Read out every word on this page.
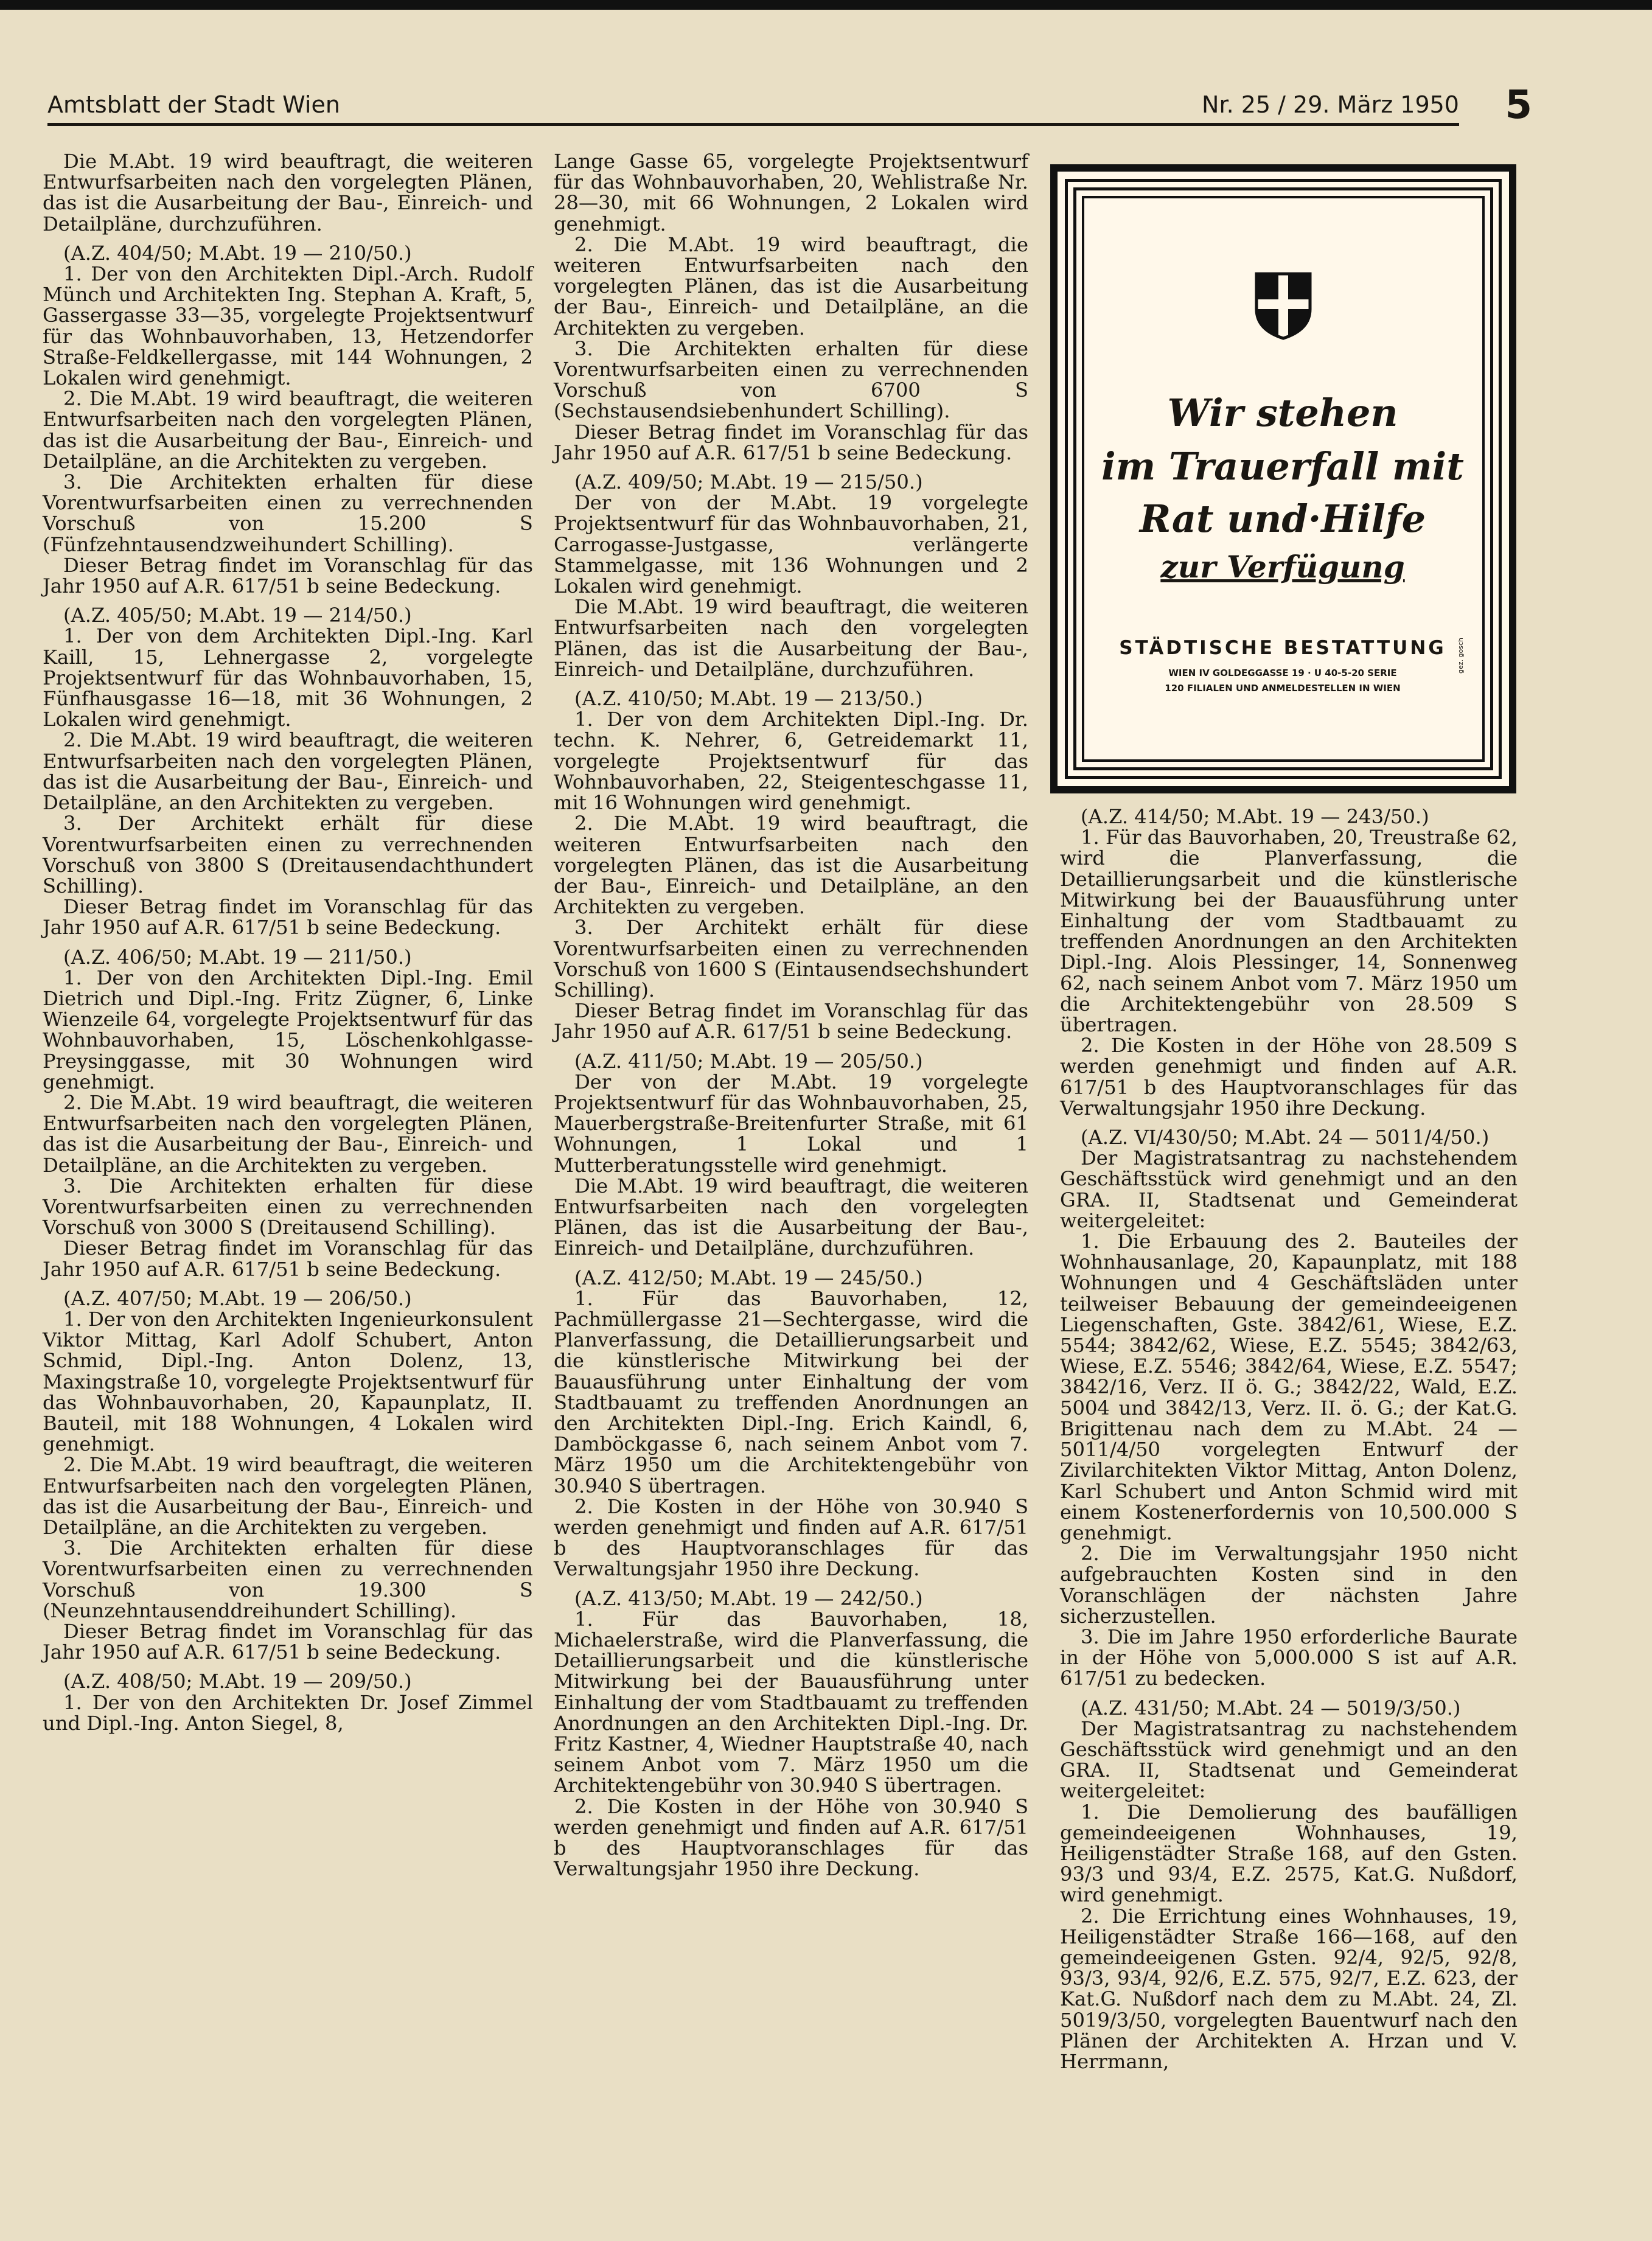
Amtsblatt der Stadt Wien	Nr. 25 / 29. März 1950 5

Die M.Abt. 19 wird beauftragt, die weiteren Entwurfsarbeiten nach den vorgelegten Plänen, das ist die Ausarbeitung der Bau-, Einreich- und Detailpläne, durchzuführen.

(A.Z. 404/50; M.Abt. 19 — 210/50.)

1. Der von den Architekten Dipl.-Arch. Rudolf Münch und Architekten Ing. Stephan A. Kraft, 5, Gassergasse 33—35, vorgelegte Projektsentwurf für das Wohnbauvorhaben, 13, Hetzendorfer Straße-Feldkellergasse, mit 144 Wohnungen, 2 Lokalen wird genehmigt.

2. Die M.Abt. 19 wird beauftragt, die weiteren Entwurfsarbeiten nach den vorgelegten Plänen, das ist die Ausarbeitung der Bau-, Einreich- und Detailpläne, an die Architekten zu vergeben.

3. Die Architekten erhalten für diese Vorentwurfsarbeiten einen zu verrechnenden Vorschuß von 15.200 S (Fünfzehntausendzweihundert Schilling).

Dieser Betrag findet im Voranschlag für das Jahr 1950 auf A.R. 617/51 b seine Bedeckung.

(A.Z. 405/50; M.Abt. 19 — 214/50.)

1. Der von dem Architekten Dipl.-Ing. Karl Kaill, 15, Lehnergasse 2, vorgelegte Projektsentwurf für das Wohnbauvorhaben, 15, Fünfhausgasse 16—18, mit 36 Wohnungen, 2 Lokalen wird genehmigt.

2. Die M.Abt. 19 wird beauftragt, die weiteren Entwurfsarbeiten nach den vorgelegten Plänen, das ist die Ausarbeitung der Bau-, Einreich- und Detailpläne, an den Architekten zu vergeben.

3. Der Architekt erhält für diese Vorentwurfsarbeiten einen zu verrechnenden Vorschuß von 3800 S (Dreitausendachthundert Schilling).

Dieser Betrag findet im Voranschlag für das Jahr 1950 auf A.R. 617/51 b seine Bedeckung.

(A.Z. 406/50; M.Abt. 19 — 211/50.)

1. Der von den Architekten Dipl.-Ing. Emil Dietrich und Dipl.-Ing. Fritz Zügner, 6, Linke Wienzeile 64, vorgelegte Projektsentwurf für das Wohnbauvorhaben, 15, Löschenkohlgasse-Preysinggasse, mit 30 Wohnungen wird genehmigt.

2. Die M.Abt. 19 wird beauftragt, die weiteren Entwurfsarbeiten nach den vorgelegten Plänen, das ist die Ausarbeitung der Bau-, Einreich- und Detailpläne, an die Architekten zu vergeben.

3. Die Architekten erhalten für diese Vorentwurfsarbeiten einen zu verrechnenden Vorschuß von 3000 S (Dreitausend Schilling).

Dieser Betrag findet im Voranschlag für das Jahr 1950 auf A.R. 617/51 b seine Bedeckung.

(A.Z. 407/50; M.Abt. 19 — 206/50.)

1. Der von den Architekten Ingenieurkonsulent Viktor Mittag, Karl Adolf Schubert, Anton Schmid, Dipl.-Ing. Anton Dolenz, 13, Maxingstraße 10, vorgelegte Projektsentwurf für das Wohnbauvorhaben, 20, Kapaunplatz, II. Bauteil, mit 188 Wohnungen, 4 Lokalen wird genehmigt.

2. Die M.Abt. 19 wird beauftragt, die weiteren Entwurfsarbeiten nach den vorgelegten Plänen, das ist die Ausarbeitung der Bau-, Einreich- und Detailpläne, an die Architekten zu vergeben.

3. Die Architekten erhalten für diese Vorentwurfsarbeiten einen zu verrechnenden Vorschuß von 19.300 S (Neunzehntausenddreihundert Schilling).

Dieser Betrag findet im Voranschlag für das Jahr 1950 auf A.R. 617/51 b seine Bedeckung.

(A.Z. 408/50; M.Abt. 19 — 209/50.)

1. Der von den Architekten Dr. Josef Zimmel und Dipl.-Ing. Anton Siegel, 8,

Lange Gasse 65, vorgelegte Projektsentwurf für das Wohnbauvorhaben, 20, Wehlistraße Nr. 28—30, mit 66 Wohnungen, 2 Lokalen wird genehmigt.

2. Die M.Abt. 19 wird beauftragt, die weiteren Entwurfsarbeiten nach den vorgelegten Plänen, das ist die Ausarbeitung der Bau-, Einreich- und Detailpläne, an die Architekten zu vergeben.

3. Die Architekten erhalten für diese Vorentwurfsarbeiten einen zu verrechnenden Vorschuß von 6700 S (Sechstausendsiebenhundert Schilling).

Dieser Betrag findet im Voranschlag für das Jahr 1950 auf A.R. 617/51 b seine Bedeckung.

(A.Z. 409/50; M.Abt. 19 — 215/50.)

Der von der M.Abt. 19 vorgelegte Projektsentwurf für das Wohnbauvorhaben, 21, Carrogasse-Justgasse, verlängerte Stammelgasse, mit 136 Wohnungen und 2 Lokalen wird genehmigt.

Die M.Abt. 19 wird beauftragt, die weiteren Entwurfsarbeiten nach den vorgelegten Plänen, das ist die Ausarbeitung der Bau-, Einreich- und Detailpläne, durchzuführen.

(A.Z. 410/50; M.Abt. 19 — 213/50.)

1. Der von dem Architekten Dipl.-Ing. Dr. techn. K. Nehrer, 6, Getreidemarkt 11, vorgelegte Projektsentwurf für das Wohnbauvorhaben, 22, Steigenteschgasse 11, mit 16 Wohnungen wird genehmigt.

2. Die M.Abt. 19 wird beauftragt, die weiteren Entwurfsarbeiten nach den vorgelegten Plänen, das ist die Ausarbeitung der Bau-, Einreich- und Detailpläne, an den Architekten zu vergeben.

3. Der Architekt erhält für diese Vorentwurfsarbeiten einen zu verrechnenden Vorschuß von 1600 S (Eintausendsechshundert Schilling).

Dieser Betrag findet im Voranschlag für das Jahr 1950 auf A.R. 617/51 b seine Bedeckung.

(A.Z. 411/50; M.Abt. 19 — 205/50.)

Der von der M.Abt. 19 vorgelegte Projektsentwurf für das Wohnbauvorhaben, 25, Mauerbergstraße-Breitenfurter Straße, mit 61 Wohnungen, 1 Lokal und 1 Mutterberatungsstelle wird genehmigt.

Die M.Abt. 19 wird beauftragt, die weiteren Entwurfsarbeiten nach den vorgelegten Plänen, das ist die Ausarbeitung der Bau-, Einreich- und Detailpläne, durchzuführen.

(A.Z. 412/50; M.Abt. 19 — 245/50.)

1. Für das Bauvorhaben, 12, Pachmüllergasse 21—Sechtergasse, wird die Planverfassung, die Detaillierungsarbeit und die künstlerische Mitwirkung bei der Bauausführung unter Einhaltung der vom Stadtbauamt zu treffenden Anordnungen an den Architekten Dipl.-Ing. Erich Kaindl, 6, Damböckgasse 6, nach seinem Anbot vom 7. März 1950 um die Architektengebühr von 30.940 S übertragen.

2. Die Kosten in der Höhe von 30.940 S werden genehmigt und finden auf A.R. 617/51 b des Hauptvoranschlages für das Verwaltungsjahr 1950 ihre Deckung.

(A.Z. 413/50; M.Abt. 19 — 242/50.)

1. Für das Bauvorhaben, 18, Michaelerstraße, wird die Planverfassung, die Detaillierungsarbeit und die künstlerische Mitwirkung bei der Bauausführung unter Einhaltung der vom Stadtbauamt zu treffenden Anordnungen an den Architekten Dipl.-Ing. Dr. Fritz Kastner, 4, Wiedner Hauptstraße 40, nach seinem Anbot vom 7. März 1950 um die Architektengebühr von 30.940 S übertragen.

2. Die Kosten in der Höhe von 30.940 S werden genehmigt und finden auf A.R. 617/51 b des Hauptvoranschlages für das Verwaltungsjahr 1950 ihre Deckung.

Wir stehen
im Trauerfall mit
Rat und·Hilfe
zur Verfügung
STÄDTISCHE BESTATTUNG
WIEN IV GOLDEGGASSE 19 · U 40-5-20 SERIE
120 FILIALEN UND ANMELDESTELLEN IN WIEN
gez. gosch

(A.Z. 414/50; M.Abt. 19 — 243/50.)

1. Für das Bauvorhaben, 20, Treustraße 62, wird die Planverfassung, die Detaillierungsarbeit und die künstlerische Mitwirkung bei der Bauausführung unter Einhaltung der vom Stadtbauamt zu treffenden Anordnungen an den Architekten Dipl.-Ing. Alois Plessinger, 14, Sonnenweg 62, nach seinem Anbot vom 7. März 1950 um die Architektengebühr von 28.509 S übertragen.

2. Die Kosten in der Höhe von 28.509 S werden genehmigt und finden auf A.R. 617/51 b des Hauptvoranschlages für das Verwaltungsjahr 1950 ihre Deckung.

(A.Z. VI/430/50; M.Abt. 24 — 5011/4/50.)

Der Magistratsantrag zu nachstehendem Geschäftsstück wird genehmigt und an den GRA. II, Stadtsenat und Gemeinderat weitergeleitet:

1. Die Erbauung des 2. Bauteiles der Wohnhausanlage, 20, Kapaunplatz, mit 188 Wohnungen und 4 Geschäftsläden unter teilweiser Bebauung der gemeindeeigenen Liegenschaften, Gste. 3842/61, Wiese, E.Z. 5544; 3842/62, Wiese, E.Z. 5545; 3842/63, Wiese, E.Z. 5546; 3842/64, Wiese, E.Z. 5547; 3842/16, Verz. II ö. G.; 3842/22, Wald, E.Z. 5004 und 3842/13, Verz. II. ö. G.; der Kat.G. Brigittenau nach dem zu M.Abt. 24 — 5011/4/50 vorgelegten Entwurf der Zivilarchitekten Viktor Mittag, Anton Dolenz, Karl Schubert und Anton Schmid wird mit einem Kostenerfordernis von 10,500.000 S genehmigt.

2. Die im Verwaltungsjahr 1950 nicht aufgebrauchten Kosten sind in den Voranschlägen der nächsten Jahre sicherzustellen.

3. Die im Jahre 1950 erforderliche Baurate in der Höhe von 5,000.000 S ist auf A.R. 617/51 zu bedecken.

(A.Z. 431/50; M.Abt. 24 — 5019/3/50.)

Der Magistratsantrag zu nachstehendem Geschäftsstück wird genehmigt und an den GRA. II, Stadtsenat und Gemeinderat weitergeleitet:

1. Die Demolierung des baufälligen gemeindeeigenen Wohnhauses, 19, Heiligenstädter Straße 168, auf den Gsten. 93/3 und 93/4, E.Z. 2575, Kat.G. Nußdorf, wird genehmigt.

2. Die Errichtung eines Wohnhauses, 19, Heiligenstädter Straße 166—168, auf den gemeindeeigenen Gsten. 92/4, 92/5, 92/8, 93/3, 93/4, 92/6, E.Z. 575, 92/7, E.Z. 623, der Kat.G. Nußdorf nach dem zu M.Abt. 24, Zl. 5019/3/50, vorgelegten Bauentwurf nach den Plänen der Architekten A. Hrzan und V. Herrmann,
